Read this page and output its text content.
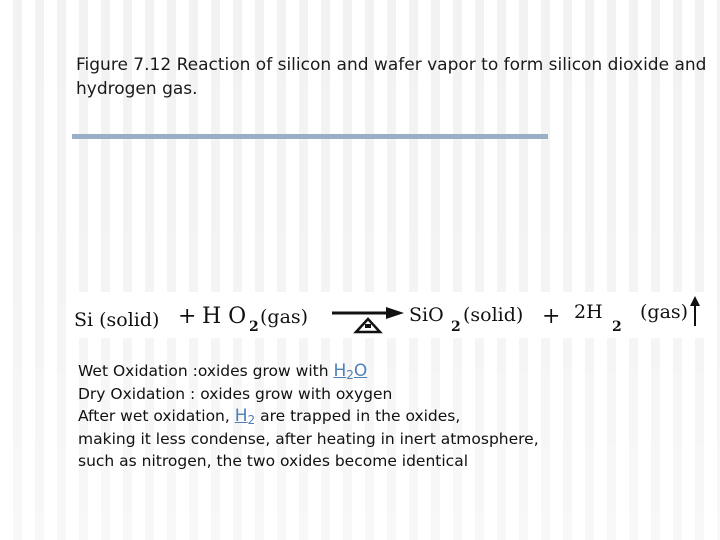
Figure 7.12 Reaction of silicon and wafer vapor to form silicon dioxide and hydrogen gas.
Si (solid) + H O 2 (gas)	SiO
2
(solid) + 2H
2
(gas)
Wet Oxidation :oxides grow with $H_2O$
Dry Oxidation : oxides grow with oxygen
After wet oxidation, $H_2$ are trapped in the oxides,
making it less condense, after heating in inert atmosphere,
such as nitrogen, the two oxides become identical
